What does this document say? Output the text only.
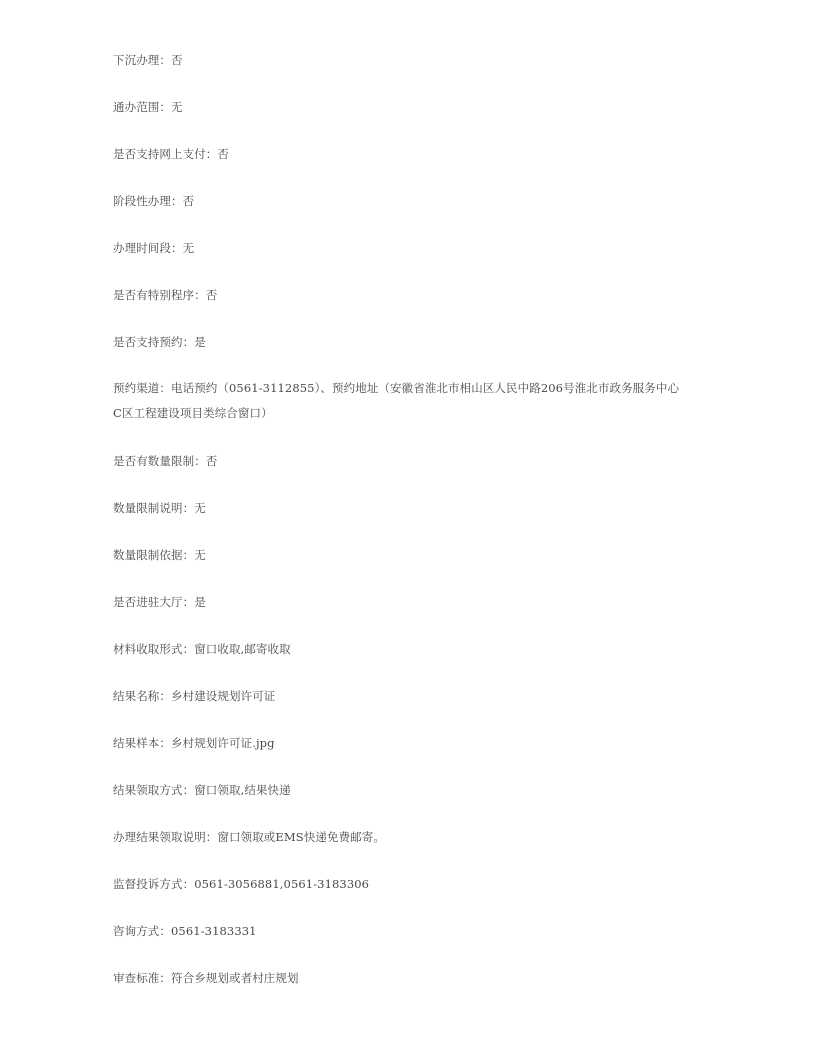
下沉办理：否
通办范围：无
是否支持网上支付：否
阶段性办理：否
办理时间段：无
是否有特别程序：否
是否支持预约：是
预约渠道：电话预约（0561-3112855）、预约地址（安徽省淮北市相山区人民中路206号淮北市政务服务中心
C区工程建设项目类综合窗口）
是否有数量限制：否
数量限制说明：无
数量限制依据：无
是否进驻大厅：是
材料收取形式：窗口收取,邮寄收取
结果名称：乡村建设规划许可证
结果样本：乡村规划许可证.jpg
结果领取方式：窗口领取,结果快递
办理结果领取说明：窗口领取或EMS快递免费邮寄。
监督投诉方式：0561-3056881,0561-3183306
咨询方式：0561-3183331
审查标准：符合乡规划或者村庄规划
